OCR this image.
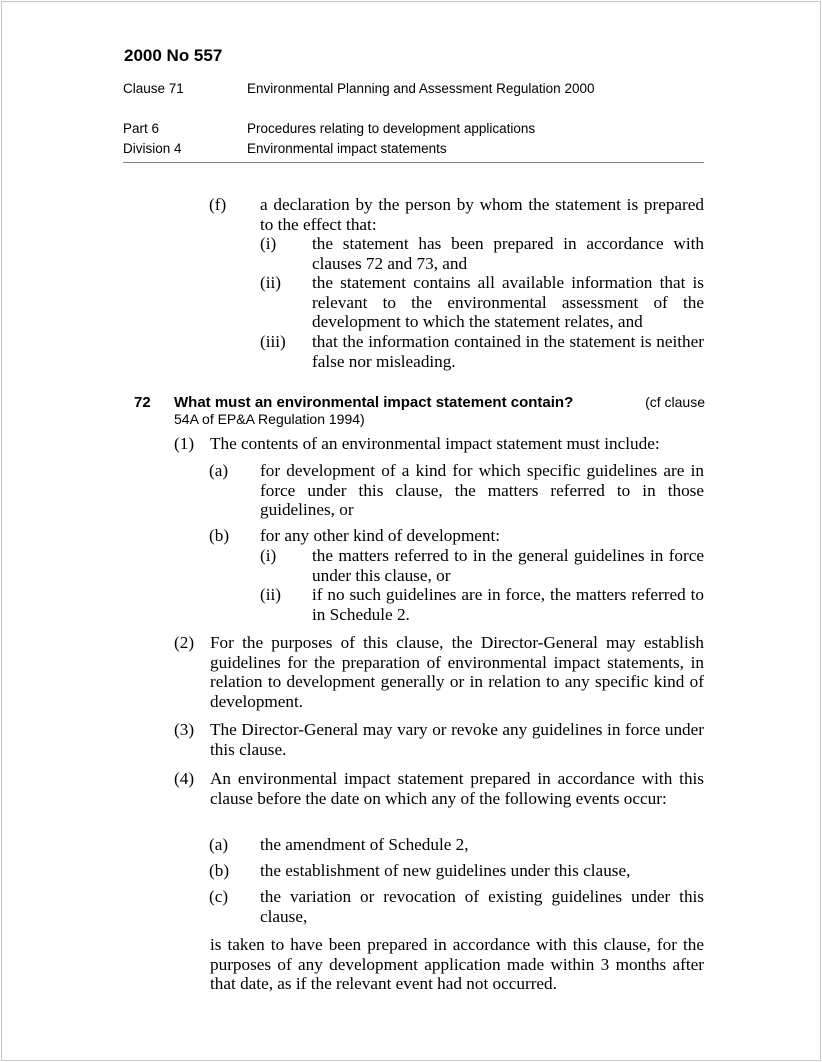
2000 No 557
Clause 71	Environmental Planning and Assessment Regulation 2000
Part 6	Procedures relating to development applications
Division 4	Environmental impact statements
(f) a declaration by the person by whom the statement is prepared to the effect that:
(i) the statement has been prepared in accordance with clauses 72 and 73, and
(ii) the statement contains all available information that is relevant to the environmental assessment of the development to which the statement relates, and
(iii) that the information contained in the statement is neither false nor misleading.
72 What must an environmental impact statement contain?	(cf clause
54A of EP&A Regulation 1994)
(1) The contents of an environmental impact statement must include:
(a) for development of a kind for which specific guidelines are in force under this clause, the matters referred to in those guidelines, or
(b) for any other kind of development:
(i) the matters referred to in the general guidelines in force under this clause, or
(ii) if no such guidelines are in force, the matters referred to in Schedule 2.
(2) For the purposes of this clause, the Director-General may establish guidelines for the preparation of environmental impact statements, in relation to development generally or in relation to any specific kind of development.
(3) The Director-General may vary or revoke any guidelines in force under this clause.
(4) An environmental impact statement prepared in accordance with this clause before the date on which any of the following events occur:
(a) the amendment of Schedule 2,
(b) the establishment of new guidelines under this clause,
(c) the variation or revocation of existing guidelines under this clause,
is taken to have been prepared in accordance with this clause, for the purposes of any development application made within 3 months after that date, as if the relevant event had not occurred.
